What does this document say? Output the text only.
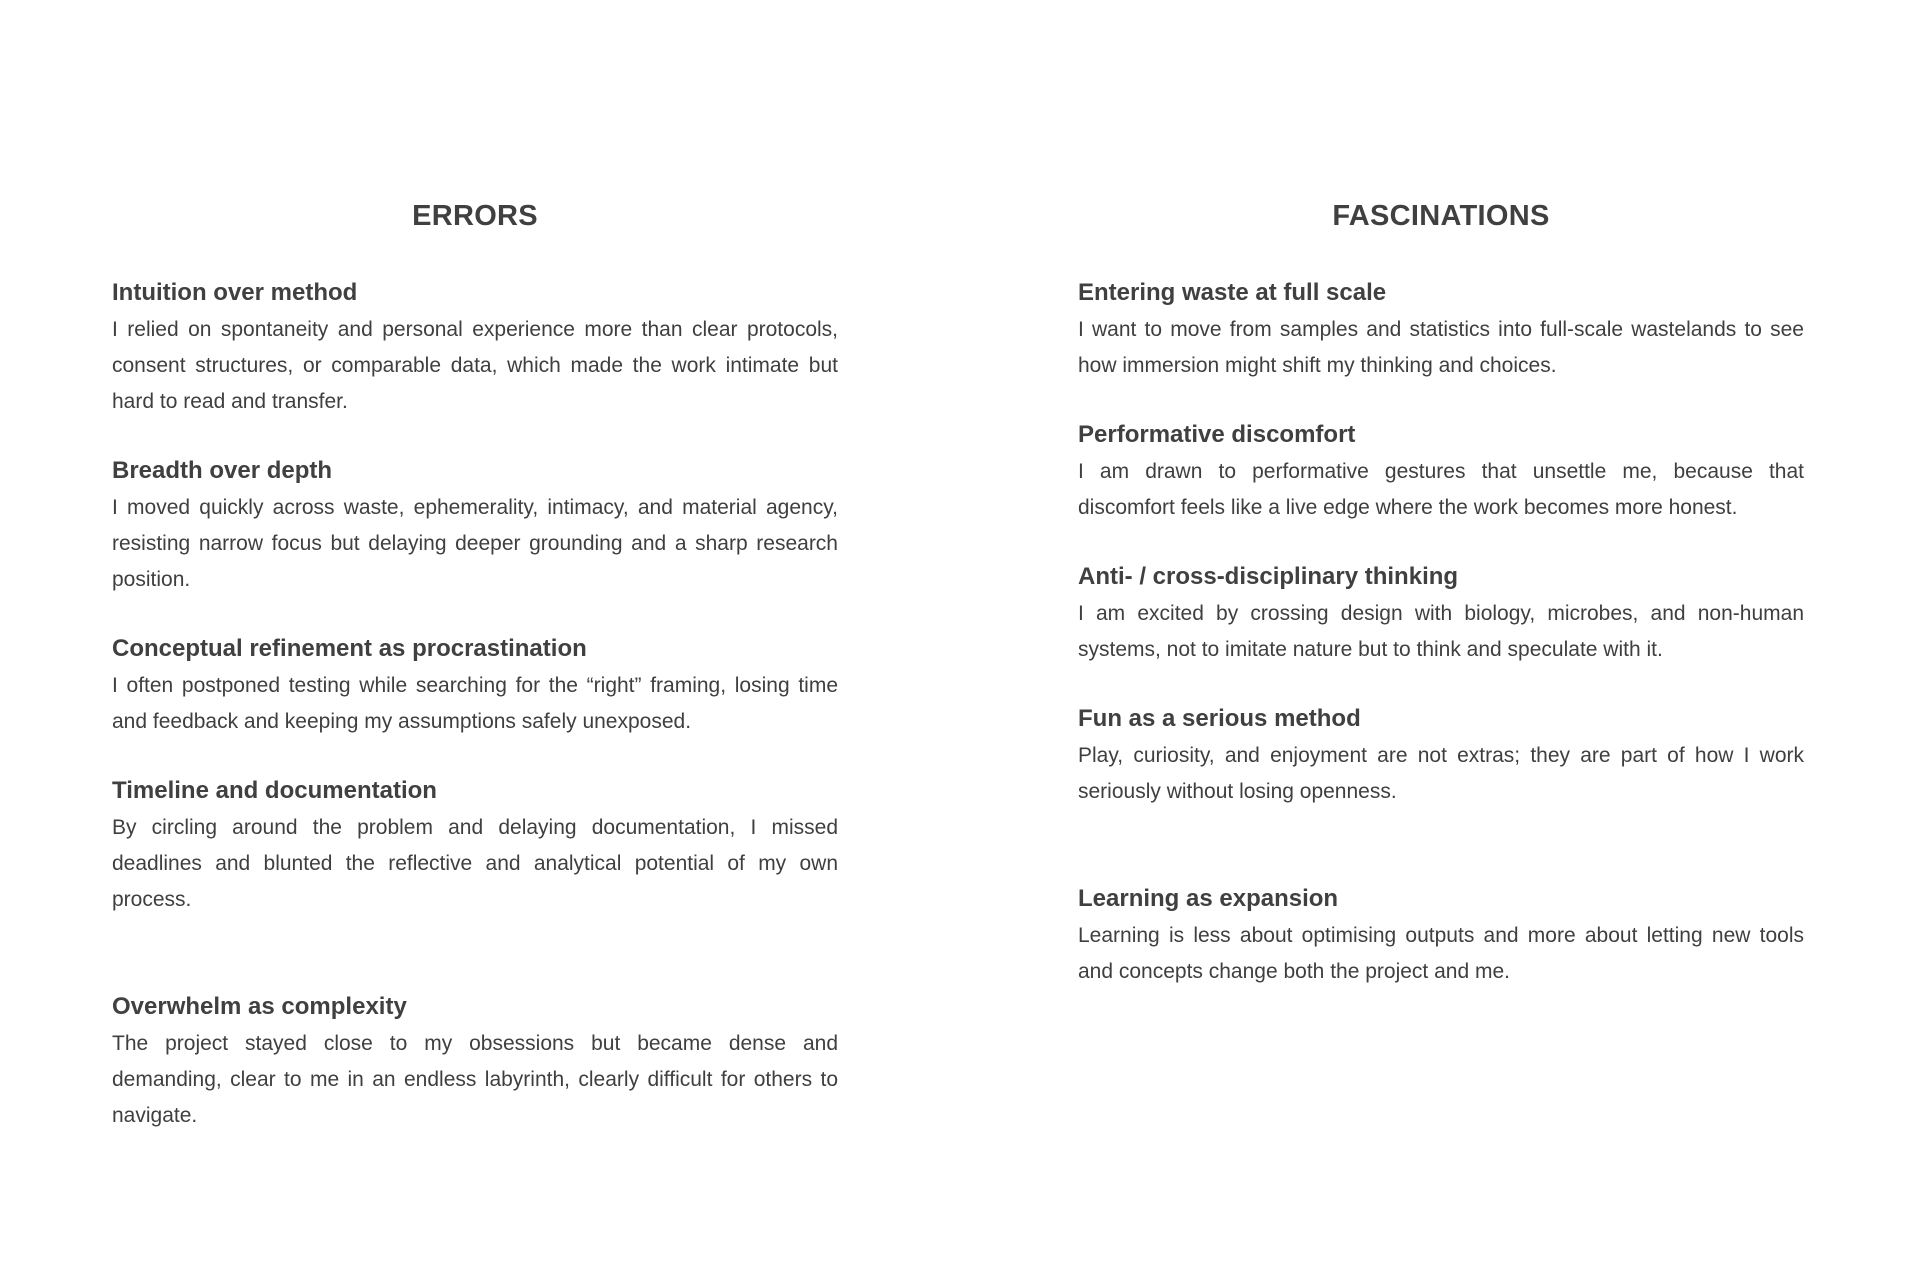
ERRORS
Intuition over method

I relied on spontaneity and personal experience more than clear protocols, consent structures, or comparable data, which made the work intimate but hard to read and transfer.

Breadth over depth

I moved quickly across waste, ephemerality, intimacy, and material agency, resisting narrow focus but delaying deeper grounding and a sharp research position.

Conceptual refinement as procrastination

I often postponed testing while searching for the “right” framing, losing time and feedback and keeping my assumptions safely unexposed.

Timeline and documentation

By circling around the problem and delaying documentation, I missed deadlines and blunted the reflective and analytical potential of my own process.

Overwhelm as complexity

The project stayed close to my obsessions but became dense and demanding, clear to me in an endless labyrinth, clearly difficult for others to navigate.

FASCINATIONS
Entering waste at full scale

I want to move from samples and statistics into full-scale wastelands to see how immersion might shift my thinking and choices.

Performative discomfort

I am drawn to performative gestures that unsettle me, because that discomfort feels like a live edge where the work becomes more honest.

Anti- / cross-disciplinary thinking

I am excited by crossing design with biology, microbes, and non-human systems, not to imitate nature but to think and speculate with it.

Fun as a serious method

Play, curiosity, and enjoyment are not extras; they are part of how I work seriously without losing openness.

Learning as expansion

Learning is less about optimising outputs and more about letting new tools and concepts change both the project and me.
